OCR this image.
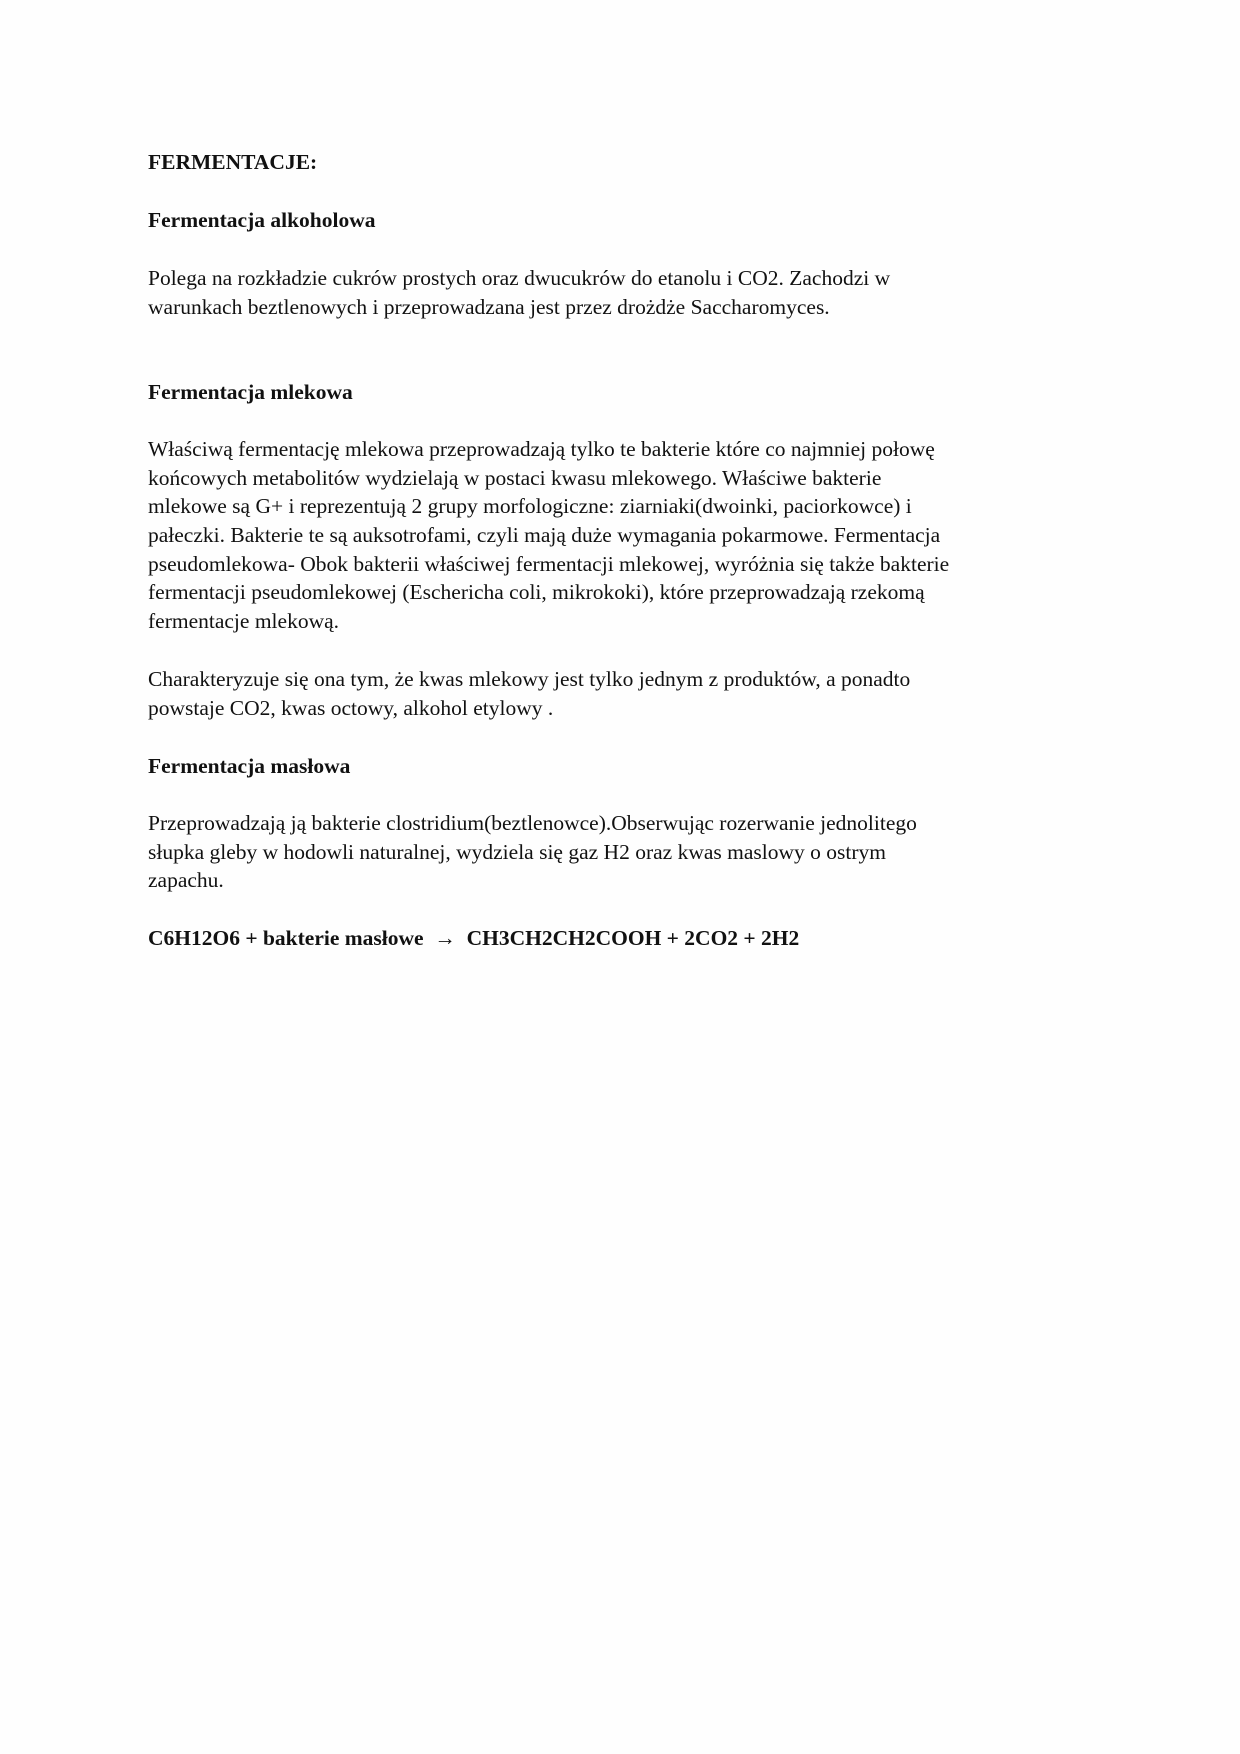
FERMENTACJE:
Fermentacja alkoholowa
Polega na rozkładzie cukrów prostych oraz dwucukrów do etanolu i CO2. Zachodzi w
warunkach beztlenowych i przeprowadzana jest przez drożdże Saccharomyces.
Fermentacja mlekowa
Właściwą fermentację mlekowa przeprowadzają tylko te bakterie które co najmniej połowę
końcowych metabolitów wydzielają w postaci kwasu mlekowego. Właściwe bakterie
mlekowe są G+ i reprezentują 2 grupy morfologiczne: ziarniaki(dwoinki, paciorkowce) i
pałeczki. Bakterie te są auksotrofami, czyli mają duże wymagania pokarmowe. Fermentacja
pseudomlekowa- Obok bakterii właściwej fermentacji mlekowej, wyróżnia się także bakterie
fermentacji pseudomlekowej (Eschericha coli, mikrokoki), które przeprowadzają rzekomą
fermentacje mlekową.
Charakteryzuje się ona tym, że kwas mlekowy jest tylko jednym z produktów, a ponadto
powstaje CO2, kwas octowy, alkohol etylowy .
Fermentacja masłowa
Przeprowadzają ją bakterie clostridium(beztlenowce).Obserwując rozerwanie jednolitego
słupka gleby w hodowli naturalnej, wydziela się gaz H2 oraz kwas maslowy o ostrym
zapachu.
C6H12O6 + bakterie masłowe  →  CH3CH2CH2COOH + 2CO2 + 2H2
